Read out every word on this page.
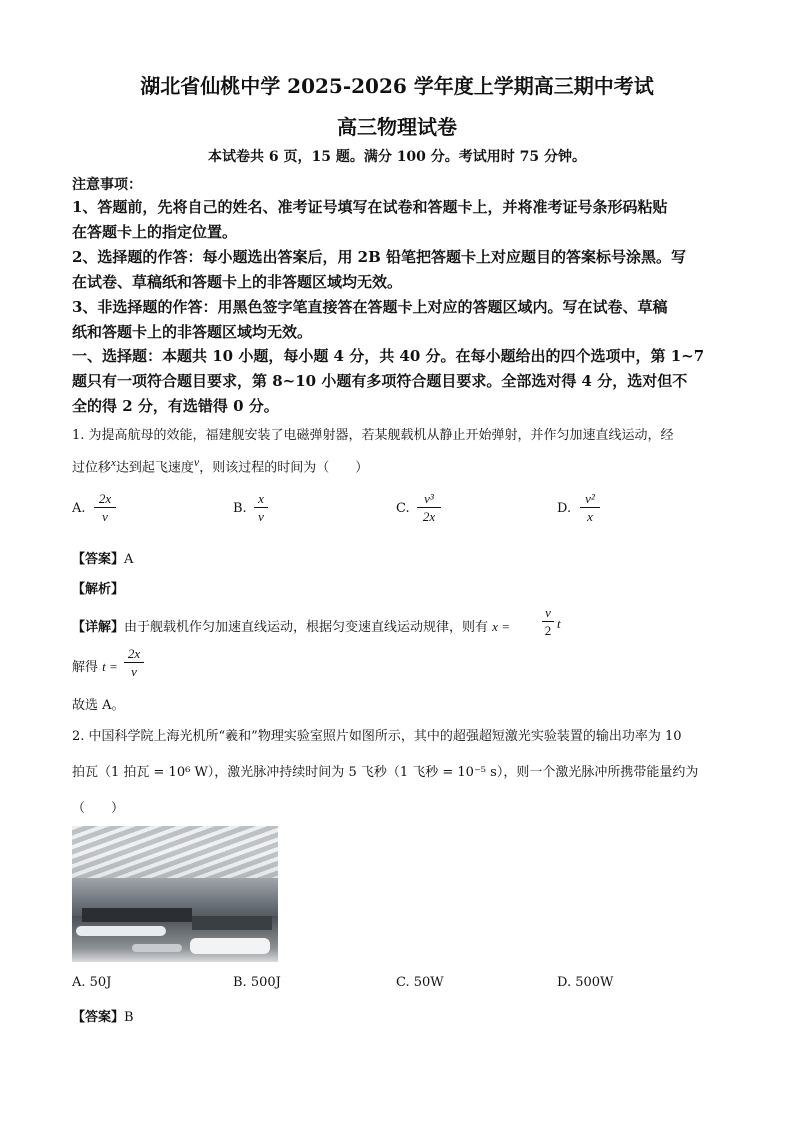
湖北省仙桃中学 2025-2026 学年度上学期高三期中考试
高三物理试卷
本试卷共 6 页，15 题。满分 100 分。考试用时 75 分钟。
注意事项：
1、答题前，先将自己的姓名、准考证号填写在试卷和答题卡上，并将准考证号条形码粘贴
在答题卡上的指定位置。
2、选择题的作答：每小题选出答案后，用 2B 铅笔把答题卡上对应题目的答案标号涂黑。写
在试卷、草稿纸和答题卡上的非答题区域均无效。
3、非选择题的作答：用黑色签字笔直接答在答题卡上对应的答题区域内。写在试卷、草稿
纸和答题卡上的非答题区域均无效。
一、选择题：本题共 10 小题，每小题 4 分，共 40 分。在每小题给出的四个选项中，第 1~7
题只有一项符合题目要求，第 8~10 小题有多项符合题目要求。全部选对得 4 分，选对但不
全的得 2 分，有选错得 0 分。
1. 为提高航母的效能，福建舰安装了电磁弹射器，若某舰载机从静止开始弹射，并作匀加速直线运动，经
过位移$^x$达到起飞速度$^v$，则该过程的时间为（　　）
A.
2x
v
B.
x
v
C.
v³
2x
D.
v²
x
【答案】A
【解析】
【详解】由于舰载机作匀加速直线运动，根据匀变速直线运动规律，则有 x =
v
2 t
解得 t =
2x
v
故选 A。
2. 中国科学院上海光机所“羲和”物理实验室照片如图所示，其中的超强超短激光实验装置的输出功率为 10
拍瓦（1 拍瓦 = 10⁶ W），激光脉冲持续时间为 5 飞秒（1 飞秒 = 10⁻⁵ s），则一个激光脉冲所携带能量约为
（　　）
A. 50J	B. 500J	C. 50W	D. 500W
【答案】B
